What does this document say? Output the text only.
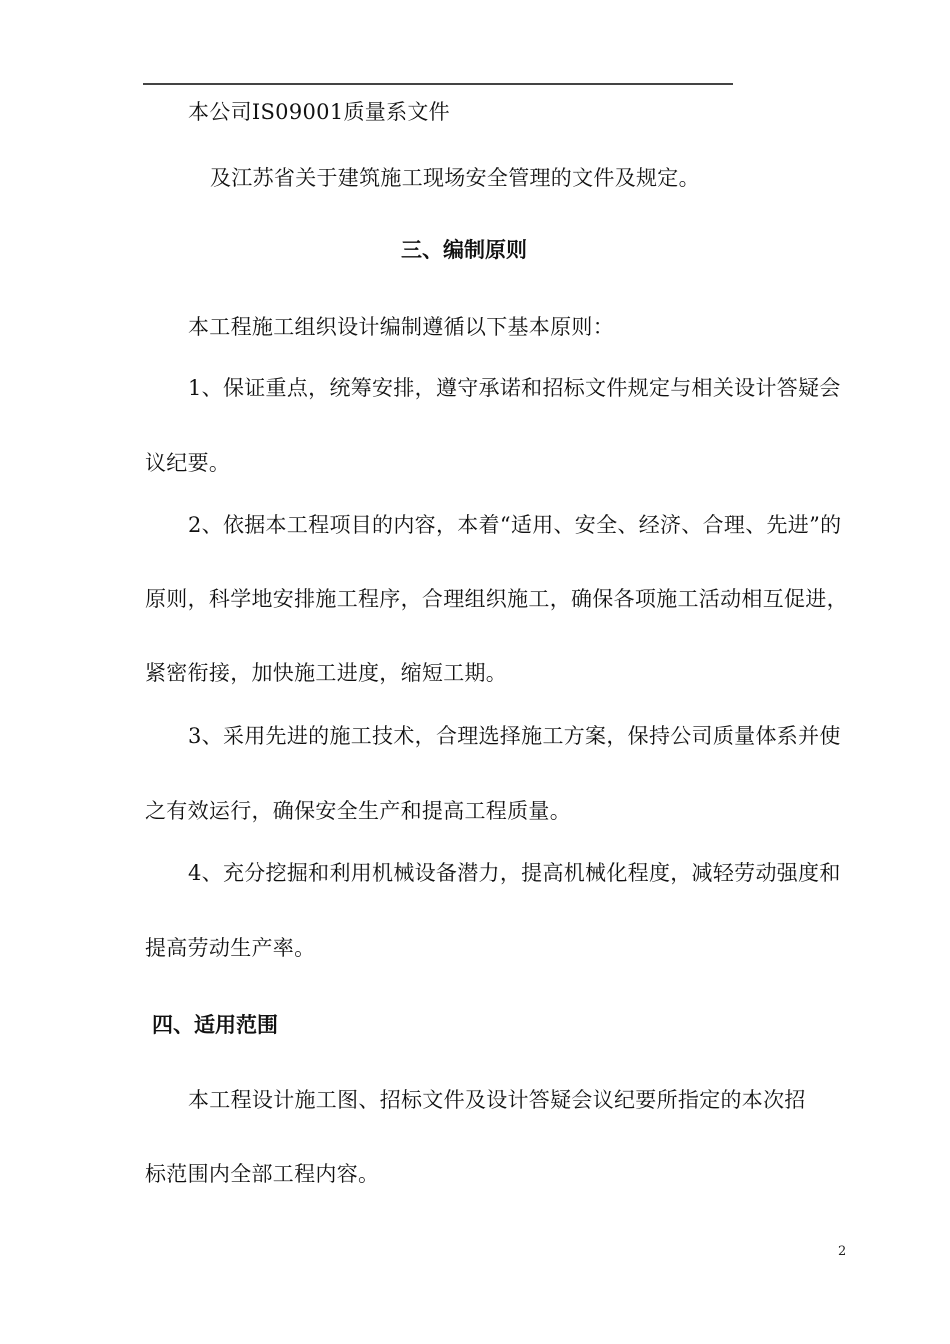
本公司IS09001质量系文件
及江苏省关于建筑施工现场安全管理的文件及规定。
三、编制原则
本工程施工组织设计编制遵循以下基本原则：
1、保证重点，统筹安排，遵守承诺和招标文件规定与相关设计答疑会
议纪要。
2、依据本工程项目的内容，本着“适用、安全、经济、合理、先进”的
原则，科学地安排施工程序，合理组织施工，确保各项施工活动相互促进，
紧密衔接，加快施工进度，缩短工期。
3、采用先进的施工技术，合理选择施工方案，保持公司质量体系并使
之有效运行，确保安全生产和提高工程质量。
4、充分挖掘和利用机械设备潜力，提高机械化程度，减轻劳动强度和
提高劳动生产率。
四、适用范围
本工程设计施工图、招标文件及设计答疑会议纪要所指定的本次招
标范围内全部工程内容。
2
